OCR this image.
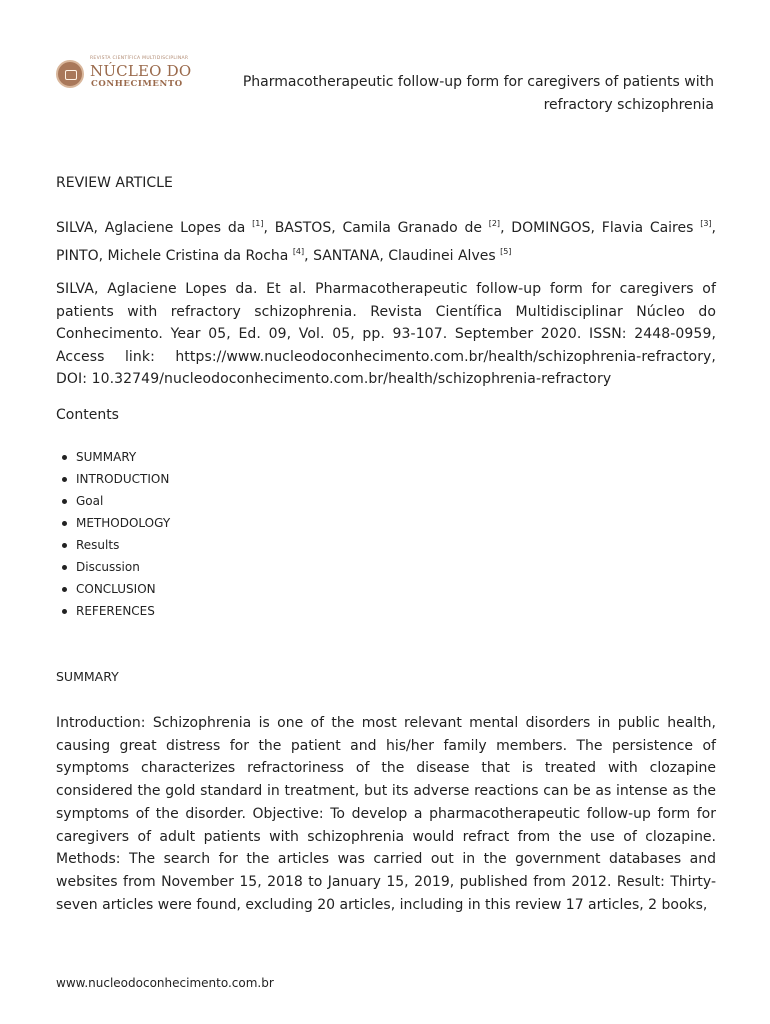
REVISTA CIENTÍFICA MULTIDISCIPLINAR
NÚCLEO DO
CONHECIMENTO	Pharmacotherapeutic follow-up form for caregivers of patients with
refractory schizophrenia
REVIEW ARTICLE
SILVA, Aglaciene Lopes da [1], BASTOS, Camila Granado de [2], DOMINGOS, Flavia Caires [3], PINTO, Michele Cristina da Rocha [4], SANTANA, Claudinei Alves [5]
SILVA, Aglaciene Lopes da. Et al. Pharmacotherapeutic follow-up form for caregivers of patients with refractory schizophrenia. Revista Científica Multidisciplinar Núcleo do Conhecimento. Year 05, Ed. 09, Vol. 05, pp. 93-107. September 2020. ISSN: 2448-0959, Access link: https://www.nucleodoconhecimento.com.br/health/schizophrenia-refractory, DOI: 10.32749/nucleodoconhecimento.com.br/health/schizophrenia-refractory
Contents
SUMMARY
INTRODUCTION
Goal
METHODOLOGY
Results
Discussion
CONCLUSION
REFERENCES
SUMMARY
Introduction: Schizophrenia is one of the most relevant mental disorders in public health, causing great distress for the patient and his/her family members. The persistence of symptoms characterizes refractoriness of the disease that is treated with clozapine considered the gold standard in treatment, but its adverse reactions can be as intense as the symptoms of the disorder. Objective: To develop a pharmacotherapeutic follow-up form for caregivers of adult patients with schizophrenia would refract from the use of clozapine. Methods: The search for the articles was carried out in the government databases and websites from November 15, 2018 to January 15, 2019, published from 2012. Result: Thirty-seven articles were found, excluding 20 articles, including in this review 17 articles, 2 books,
www.nucleodoconhecimento.com.br
